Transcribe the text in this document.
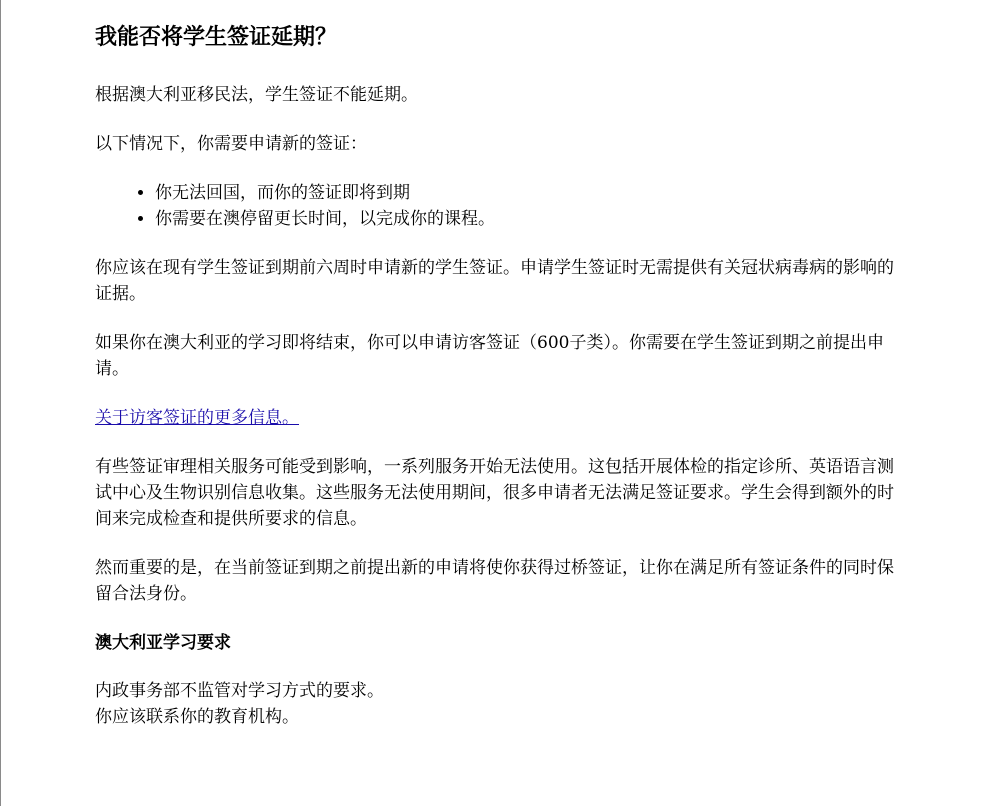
我能否将学生签证延期？

根据澳大利亚移民法，学生签证不能延期。

以下情况下，你需要申请新的签证：

• 你无法回国，而你的签证即将到期
• 你需要在澳停留更长时间，以完成你的课程。

你应该在现有学生签证到期前六周时申请新的学生签证。申请学生签证时无需提供有关冠状病毒病的影响的证据。

如果你在澳大利亚的学习即将结束，你可以申请访客签证（600子类）。你需要在学生签证到期之前提出申请。

关于访客签证的更多信息。

有些签证审理相关服务可能受到影响，一系列服务开始无法使用。这包括开展体检的指定诊所、英语语言测试中心及生物识别信息收集。这些服务无法使用期间，很多申请者无法满足签证要求。学生会得到额外的时间来完成检查和提供所要求的信息。

然而重要的是，在当前签证到期之前提出新的申请将使你获得过桥签证，让你在满足所有签证条件的同时保留合法身份。

澳大利亚学习要求

内政事务部不监管对学习方式的要求。

你应该联系你的教育机构。
